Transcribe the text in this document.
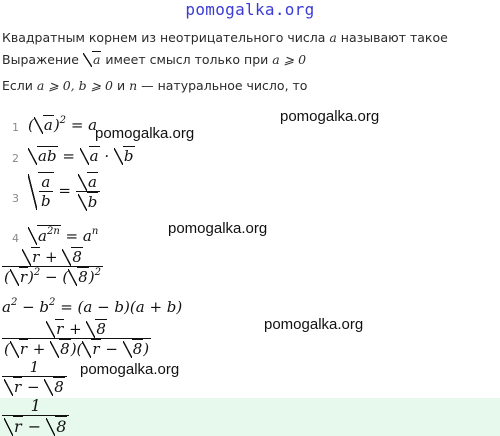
pomogalka.org
Квадратным корнем из неотрицательного числа a называют такое
Выражение a имеет смысл только при a ⩾ 0
Если a ⩾ 0, b ⩾ 0 и n — натуральное число, то
pomogalka.org
pomogalka.org
pomogalka.org
pomogalka.org
pomogalka.org
1 ( a)$^2$ = a
2	ab = a · b
$3 \frac{a}{b} = \frac{a}{b}$
4	$a^{2n} = a^n$
$\frac{r + 8}{( r)^2 - ( 8)^2}$
$a^2 - b^2 = (a - b)(a + b)$
$\frac{r + 8}{( r + 8)( r - 8)}$
$\frac{1}{r - 8}$
$\frac{1}{r - 8}$
